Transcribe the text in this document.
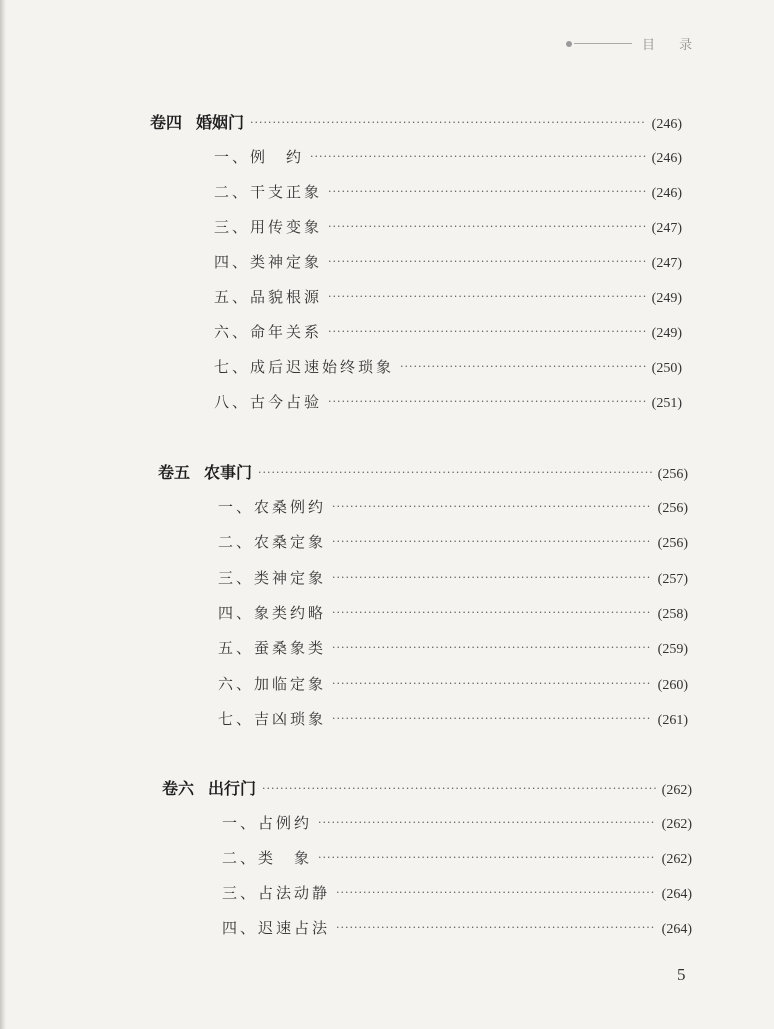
目 录
卷四 婚姻门 ·····	(246)
一、例　约 ·····	(246)
二、干支正象 ·····	(246)
三、用传变象 ·····	(247)
四、类神定象 ·····	(247)
五、品貌根源 ·····	(249)
六、命年关系 ·····	(249)
七、成后迟速始终琐象 ·····	(250)
八、古今占验 ·····	(251)
卷五 农事门 ·····	(256)
一、农桑例约 ·····	(256)
二、农桑定象 ·····	(256)
三、类神定象 ·····	(257)
四、象类约略 ·····	(258)
五、蚕桑象类 ·····	(259)
六、加临定象 ·····	(260)
七、吉凶琐象 ·····	(261)
卷六 出行门 ·····	(262)
一、占例约 ·····	(262)
二、类　象 ·····	(262)
三、占法动静 ·····	(264)
四、迟速占法 ·····	(264)
5
